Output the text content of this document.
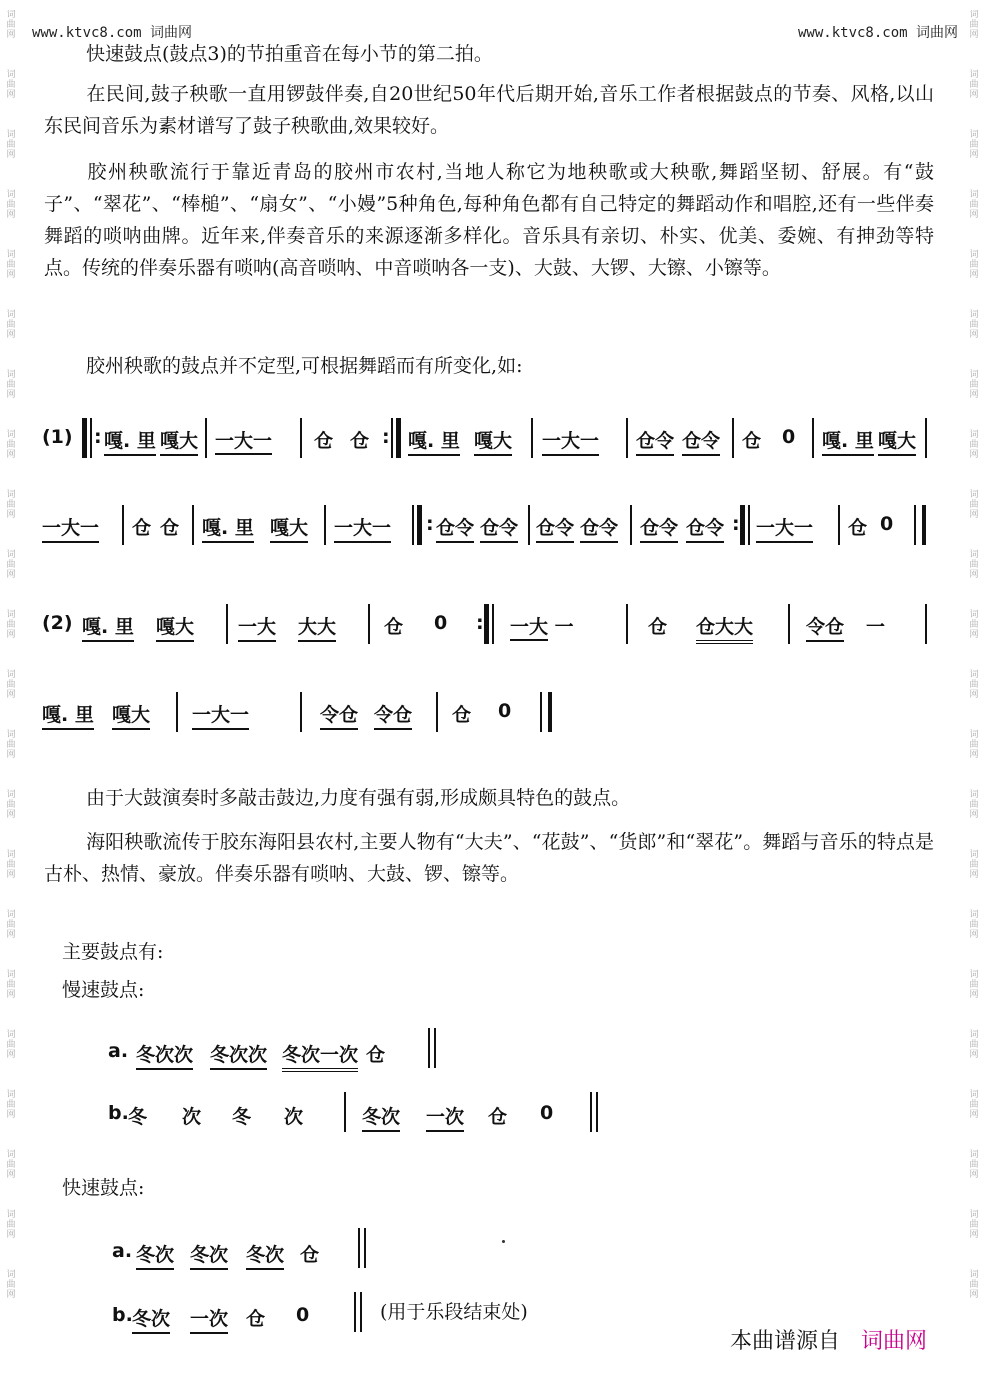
www.ktvc8.com 词曲网	www.ktvc8.com 词曲网
词
曲
网
词
曲
网
词
曲
网
词
曲
网
词
曲
网
词
曲
网
词
曲
网
词
曲
网
词
曲
网
词
曲
网
词
曲
网
词
曲
网
词
曲
网
词
曲
网
词
曲
网
词
曲
网
词
曲
网
词
曲
网
词
曲
网
词
曲
网
词
曲
网
词
曲
网
词
曲
网
词
曲
网
词
曲
网
词
曲
网
词
曲
网
词
曲
网
词
曲
网
词
曲
网
词
曲
网
词
曲
网
词
曲
网
词
曲
网
词
曲
网
词
曲
网
词
曲
网
词
曲
网
词
曲
网
词
曲
网
词
曲
网
词
曲
网
词
曲
网
词
曲
网
快速鼓点(鼓点3)的节拍重音在每小节的第二拍。
在民间,鼓子秧歌一直用锣鼓伴奏,自20世纪50年代后期开始,音乐工作者根据鼓点的节奏、风格,以山东民间音乐为素材谱写了鼓子秧歌曲,效果较好。
胶州秧歌流行于靠近青岛的胶州市农村,当地人称它为地秧歌或大秧歌,舞蹈坚韧、舒展。有“鼓子”、“翠花”、“棒槌”、“扇女”、“小嫚”5种角色,每种角色都有自己特定的舞蹈动作和唱腔,还有一些伴奏舞蹈的唢呐曲牌。近年来,伴奏音乐的来源逐渐多样化。音乐具有亲切、朴实、优美、委婉、有抻劲等特点。传统的伴奏乐器有唢呐(高音唢呐、中音唢呐各一支)、大鼓、大锣、大镲、小镲等。
胶州秧歌的鼓点并不定型,可根据舞蹈而有所变化,如:
(1) : 嘎. 里 嘎大 一大一 仓 仓 : 嘎. 里 嘎大 一大一 仓令 仓令 仓 0 嘎. 里 嘎大
一大一 仓 仓 嘎. 里 嘎大 一大一 : 仓令 仓令 仓令 仓令 仓令 仓令 : 一大一 仓 0
(2) 嘎. 里 嘎大 一大 大大	仓 0 : 一大 一	仓 仓大大	令仓 一
嘎. 里 嘎大 一大一	令仓 令仓 仓 0
由于大鼓演奏时多敲击鼓边,力度有强有弱,形成颇具特色的鼓点。
海阳秧歌流传于胶东海阳县农村,主要人物有“大夫”、“花鼓”、“货郎”和“翠花”。舞蹈与音乐的特点是古朴、热情、豪放。伴奏乐器有唢呐、大鼓、锣、镲等。
主要鼓点有:
慢速鼓点:
a. 冬次次 冬次次 冬次一次 仓
b. 冬 次 冬 次	冬次 一次 仓 0
快速鼓点:
a. 冬次 冬次 冬次 仓
b. 冬次 一次 仓 0	(用于乐段结束处)
本曲谱源自 词曲网
